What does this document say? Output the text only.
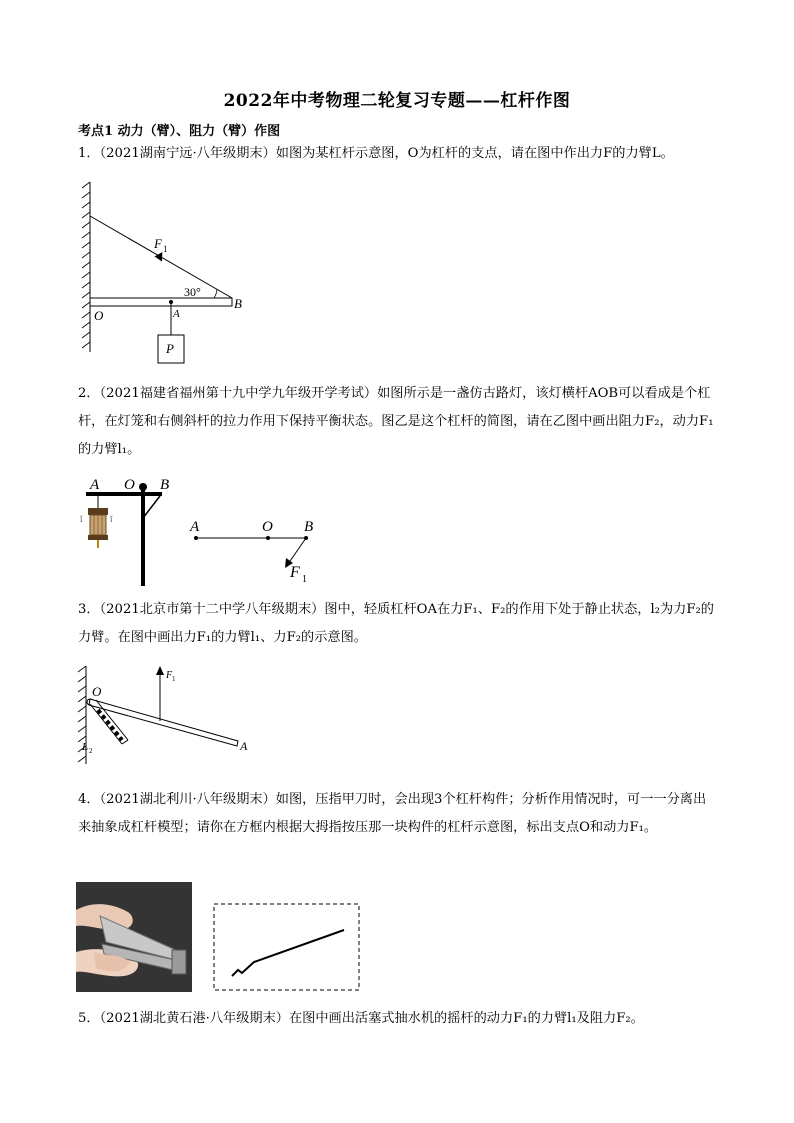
2022年中考物理二轮复习专题——杠杆作图
考点1 动力（臂）、阻力（臂）作图
1．（2021湖南宁远·八年级期末）如图为某杠杆示意图，O为杠杆的支点，请在图中作出力F的力臂L。
F 1
30°
B
O	A
P
2．（2021福建省福州第十九中学九年级开学考试）如图所示是一盏仿古路灯，该灯横杆AOB可以看成是个杠杆，在灯笼和右侧斜杆的拉力作用下保持平衡状态。图乙是这个杠杆的简图，请在乙图中画出阻力F₂，动力F₁的力臂l₁。
ǐ	ǐ
A O B
A	O B
F 1
3．（2021北京市第十二中学八年级期末）图中，轻质杠杆OA在力F₁、F₂的作用下处于静止状态，l₂为力F₂的力臂。在图中画出力F₁的力臂l₁、力F₂的示意图。
F 1
O
A
L 2
4．（2021湖北利川·八年级期末）如图，压指甲刀时，会出现3个杠杆构件；分析作用情况时，可一一分离出来抽象成杠杆模型；请你在方框内根据大拇指按压那一块构件的杠杆示意图，标出支点O和动力F₁。
5．（2021湖北黄石港·八年级期末）在图中画出活塞式抽水机的摇杆的动力F₁的力臂l₁及阻力F₂。
